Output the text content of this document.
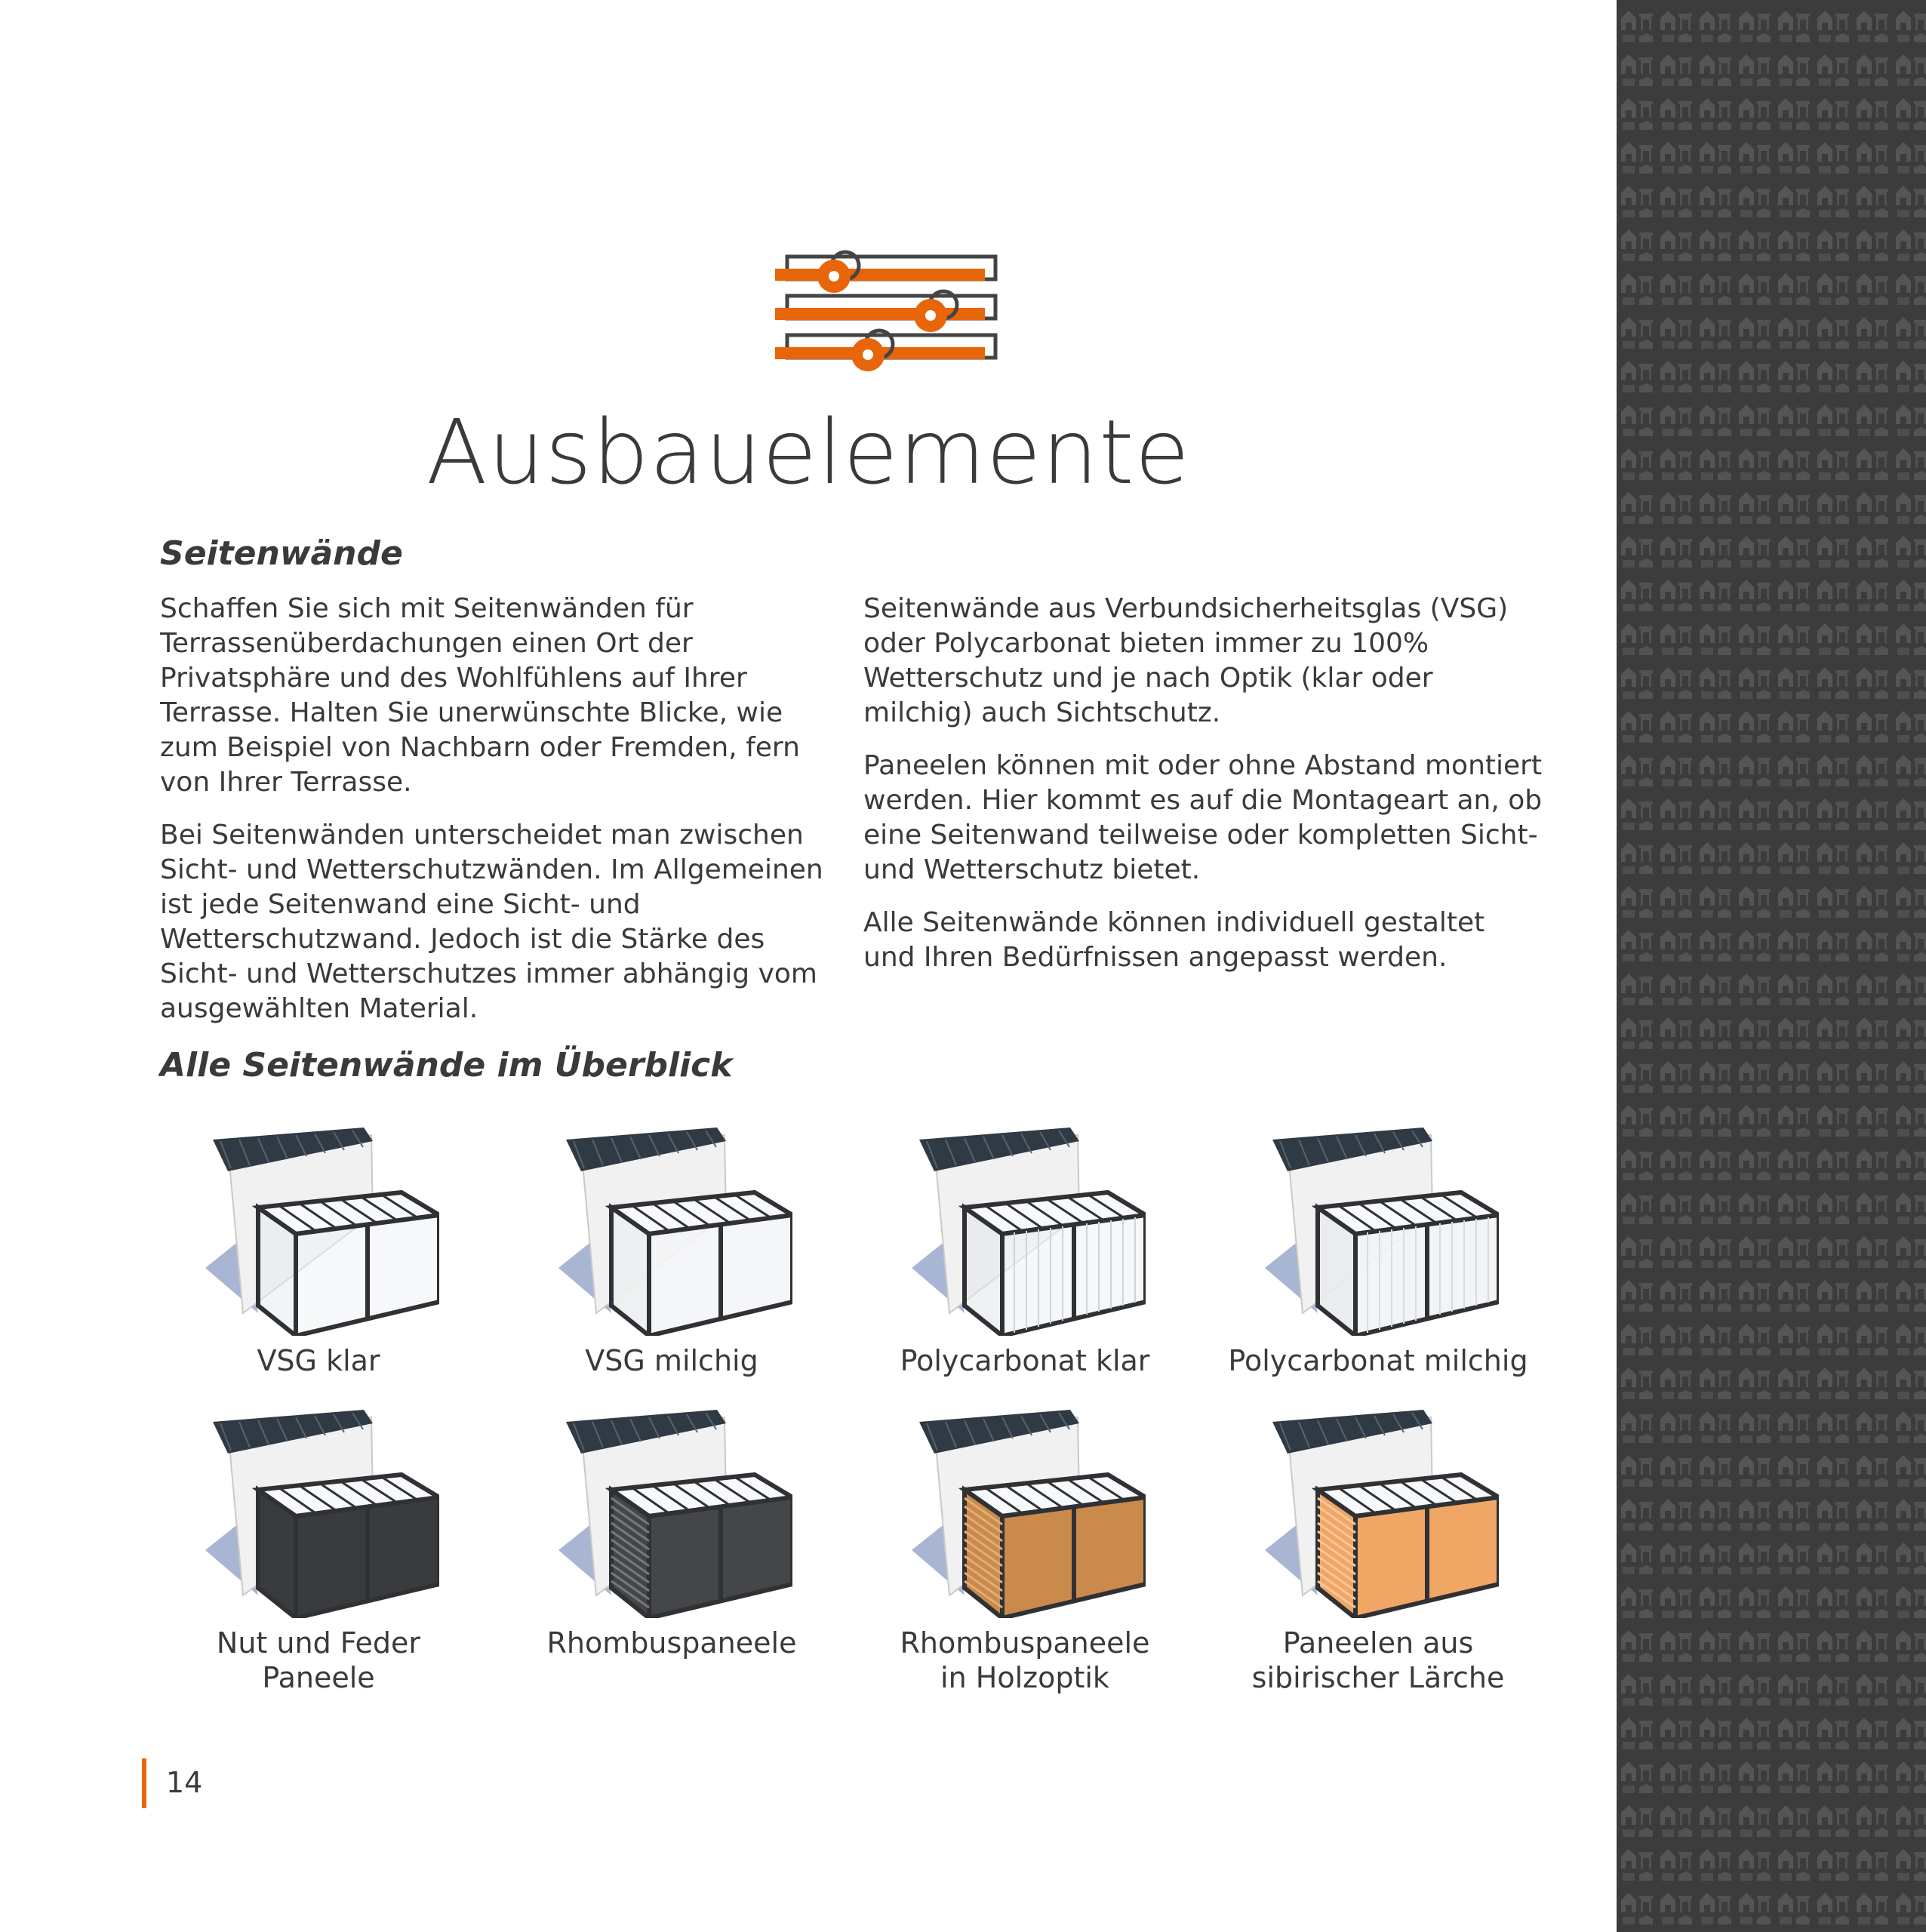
Ausbauelemente
Seitenwände

Schaffen Sie sich mit Seitenwänden für Terrassenüberdachungen einen Ort der Privatsphäre und des Wohlfühlens auf Ihrer Terrasse. Halten Sie unerwünschte Blicke, wie zum Beispiel von Nachbarn oder Fremden, fern von Ihrer Terrasse.

Bei Seitenwänden unterscheidet man zwischen Sicht- und Wetterschutzwänden. Im Allgemeinen ist jede Seitenwand eine Sicht- und Wetterschutzwand. Jedoch ist die Stärke des Sicht- und Wetterschutzes immer abhängig vom ausgewählten Material.

Seitenwände aus Verbundsicherheitsglas (VSG) oder Polycarbonat bieten immer zu 100% Wetterschutz und je nach Optik (klar oder milchig) auch Sichtschutz.

Paneelen können mit oder ohne Abstand montiert werden. Hier kommt es auf die Montageart an, ob eine Seitenwand teilweise oder kompletten Sicht- und Wetterschutz bietet.

Alle Seitenwände können individuell gestaltet und Ihren Bedürfnissen angepasst werden.

Alle Seitenwände im Überblick
VSG klar	VSG milchig	Polycarbonat klar	Polycarbonat milchig
Nut und Feder Paneele
Rhombuspaneele	Rhombuspaneele
in Holzoptik
Paneelen aus
sibirischer Lärche
14
